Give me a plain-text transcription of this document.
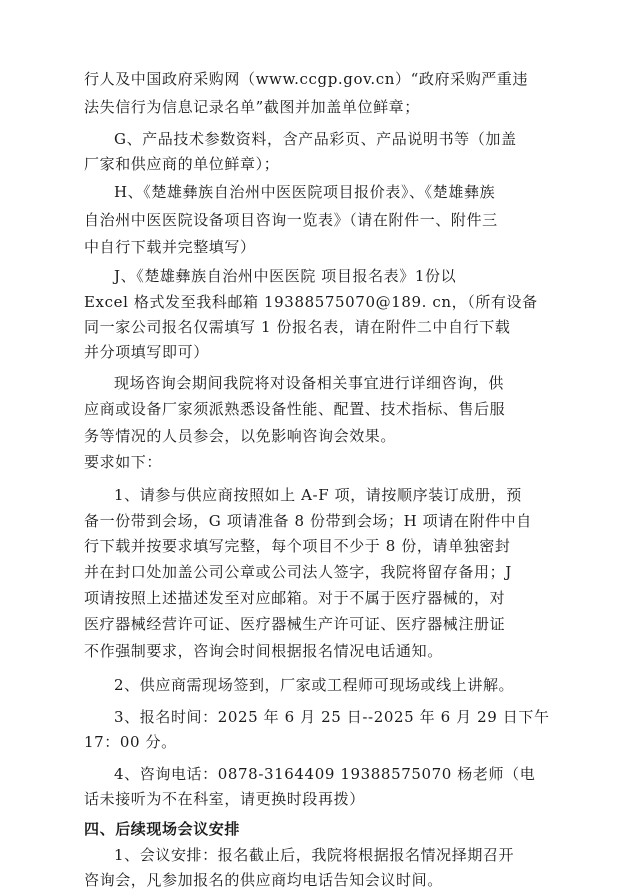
行人及中国政府采购网（www.ccgp.gov.cn）“政府采购严重违
法失信行为信息记录名单”截图并加盖单位鲜章；
G、产品技术参数资料，含产品彩页、产品说明书等（加盖
厂家和供应商的单位鲜章）；
H、《楚雄彝族自治州中医医院项目报价表》、《楚雄彝族
自治州中医医院设备项目咨询一览表》（请在附件一、附件三
中自行下载并完整填写）
J、《楚雄彝族自治州中医医院 项目报名表》1份以
Excel 格式发至我科邮箱 19388575070@189. cn，（所有设备
同一家公司报名仅需填写 1 份报名表，请在附件二中自行下载
并分项填写即可）
现场咨询会期间我院将对设备相关事宜进行详细咨询，供
应商或设备厂家须派熟悉设备性能、配置、技术指标、售后服
务等情况的人员参会，以免影响咨询会效果。
要求如下：
1、请参与供应商按照如上 A-F 项，请按顺序装订成册，预
备一份带到会场，G 项请准备 8 份带到会场；H 项请在附件中自
行下载并按要求填写完整，每个项目不少于 8 份，请单独密封
并在封口处加盖公司公章或公司法人签字，我院将留存备用；J
项请按照上述描述发至对应邮箱。对于不属于医疗器械的，对
医疗器械经营许可证、医疗器械生产许可证、医疗器械注册证
不作强制要求，咨询会时间根据报名情况电话通知。
2、供应商需现场签到，厂家或工程师可现场或线上讲解。
3、报名时间：2025 年 6 月 25 日--2025 年 6 月 29 日下午
17：00 分。
4、咨询电话：0878-3164409 19388575070 杨老师（电
话未接听为不在科室，请更换时段再拨）
四、后续现场会议安排
1、会议安排：报名截止后，我院将根据报名情况择期召开
咨询会，凡参加报名的供应商均电话告知会议时间。
